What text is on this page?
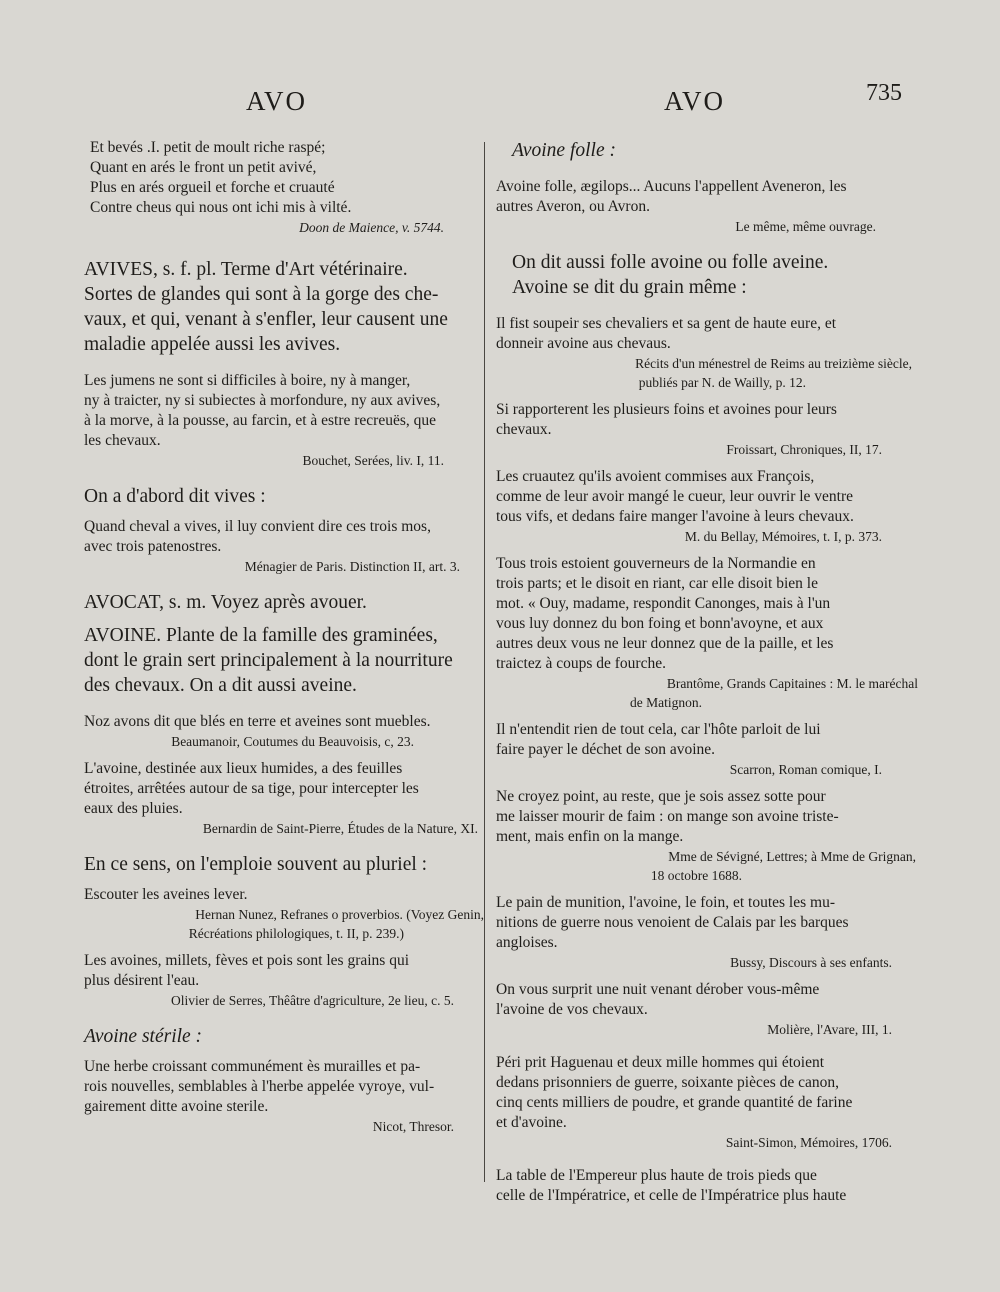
AVO	AVO	735
Et bevés .I. petit de moult riche raspé;
Quant en arés le front un petit avivé,
Plus en arés orgueil et forche et cruauté
Contre cheus qui nous ont ichi mis à vilté.
Doon de Maience, v. 5744.
AVIVES, s. f. pl. Terme d'Art vétérinaire.
Sortes de glandes qui sont à la gorge des che-
vaux, et qui, venant à s'enfler, leur causent une
maladie appelée aussi les avives.
Les jumens ne sont si difficiles à boire, ny à manger,
ny à traicter, ny si subiectes à morfondure, ny aux avives,
à la morve, à la pousse, au farcin, et à estre recreuës, que
les chevaux.
Bouchet, Serées, liv. I, 11.
On a d'abord dit vives :
Quand cheval a vives, il luy convient dire ces trois mos,
avec trois patenostres.
Ménagier de Paris. Distinction II, art. 3.
AVOCAT, s. m. Voyez après avouer.
AVOINE. Plante de la famille des graminées,
dont le grain sert principalement à la nourriture
des chevaux. On a dit aussi aveine.
Noz avons dit que blés en terre et aveines sont muebles.
Beaumanoir, Coutumes du Beauvoisis, c, 23.
L'avoine, destinée aux lieux humides, a des feuilles
étroites, arrêtées autour de sa tige, pour intercepter les
eaux des pluies.
Bernardin de Saint-Pierre, Études de la Nature, XI.
En ce sens, on l'emploie souvent au pluriel :
Escouter les aveines lever.
Hernan Nunez, Refranes o proverbios. (Voyez Genin,
Récréations philologiques, t. II, p. 239.)
Les avoines, millets, fèves et pois sont les grains qui
plus désirent l'eau.
Olivier de Serres, Thêâtre d'agriculture, 2e lieu, c. 5.
Avoine stérile :
Une herbe croissant communément ès murailles et pa-
rois nouvelles, semblables à l'herbe appelée vyroye, vul-
gairement ditte avoine sterile.
Nicot, Thresor.
Avoine folle :
Avoine folle, ægilops... Aucuns l'appellent Aveneron, les
autres Averon, ou Avron.
Le même, même ouvrage.
On dit aussi folle avoine ou folle aveine.
Avoine se dit du grain même :
Il fist soupeir ses chevaliers et sa gent de haute eure, et
donneir avoine aus chevaus.
Récits d'un ménestrel de Reims au treizième siècle,
publiés par N. de Wailly, p. 12.
Si rapporterent les plusieurs foins et avoines pour leurs
chevaux.
Froissart, Chroniques, II, 17.
Les cruautez qu'ils avoient commises aux François,
comme de leur avoir mangé le cueur, leur ouvrir le ventre
tous vifs, et dedans faire manger l'avoine à leurs chevaux.
M. du Bellay, Mémoires, t. I, p. 373.
Tous trois estoient gouverneurs de la Normandie en
trois parts; et le disoit en riant, car elle disoit bien le
mot. « Ouy, madame, respondit Canonges, mais à l'un
vous luy donnez du bon foing et bonn'avoyne, et aux
autres deux vous ne leur donnez que de la paille, et les
traictez à coups de fourche.
Brantôme, Grands Capitaines : M. le maréchal
de Matignon.
Il n'entendit rien de tout cela, car l'hôte parloit de lui
faire payer le déchet de son avoine.
Scarron, Roman comique, I.
Ne croyez point, au reste, que je sois assez sotte pour
me laisser mourir de faim : on mange son avoine triste-
ment, mais enfin on la mange.
Mme de Sévigné, Lettres; à Mme de Grignan,
18 octobre 1688.
Le pain de munition, l'avoine, le foin, et toutes les mu-
nitions de guerre nous venoient de Calais par les barques
angloises.
Bussy, Discours à ses enfants.
On vous surprit une nuit venant dérober vous-même
l'avoine de vos chevaux.
Molière, l'Avare, III, 1.
Péri prit Haguenau et deux mille hommes qui étoient
dedans prisonniers de guerre, soixante pièces de canon,
cinq cents milliers de poudre, et grande quantité de farine
et d'avoine.
Saint-Simon, Mémoires, 1706.
La table de l'Empereur plus haute de trois pieds que
celle de l'Impératrice, et celle de l'Impératrice plus haute
